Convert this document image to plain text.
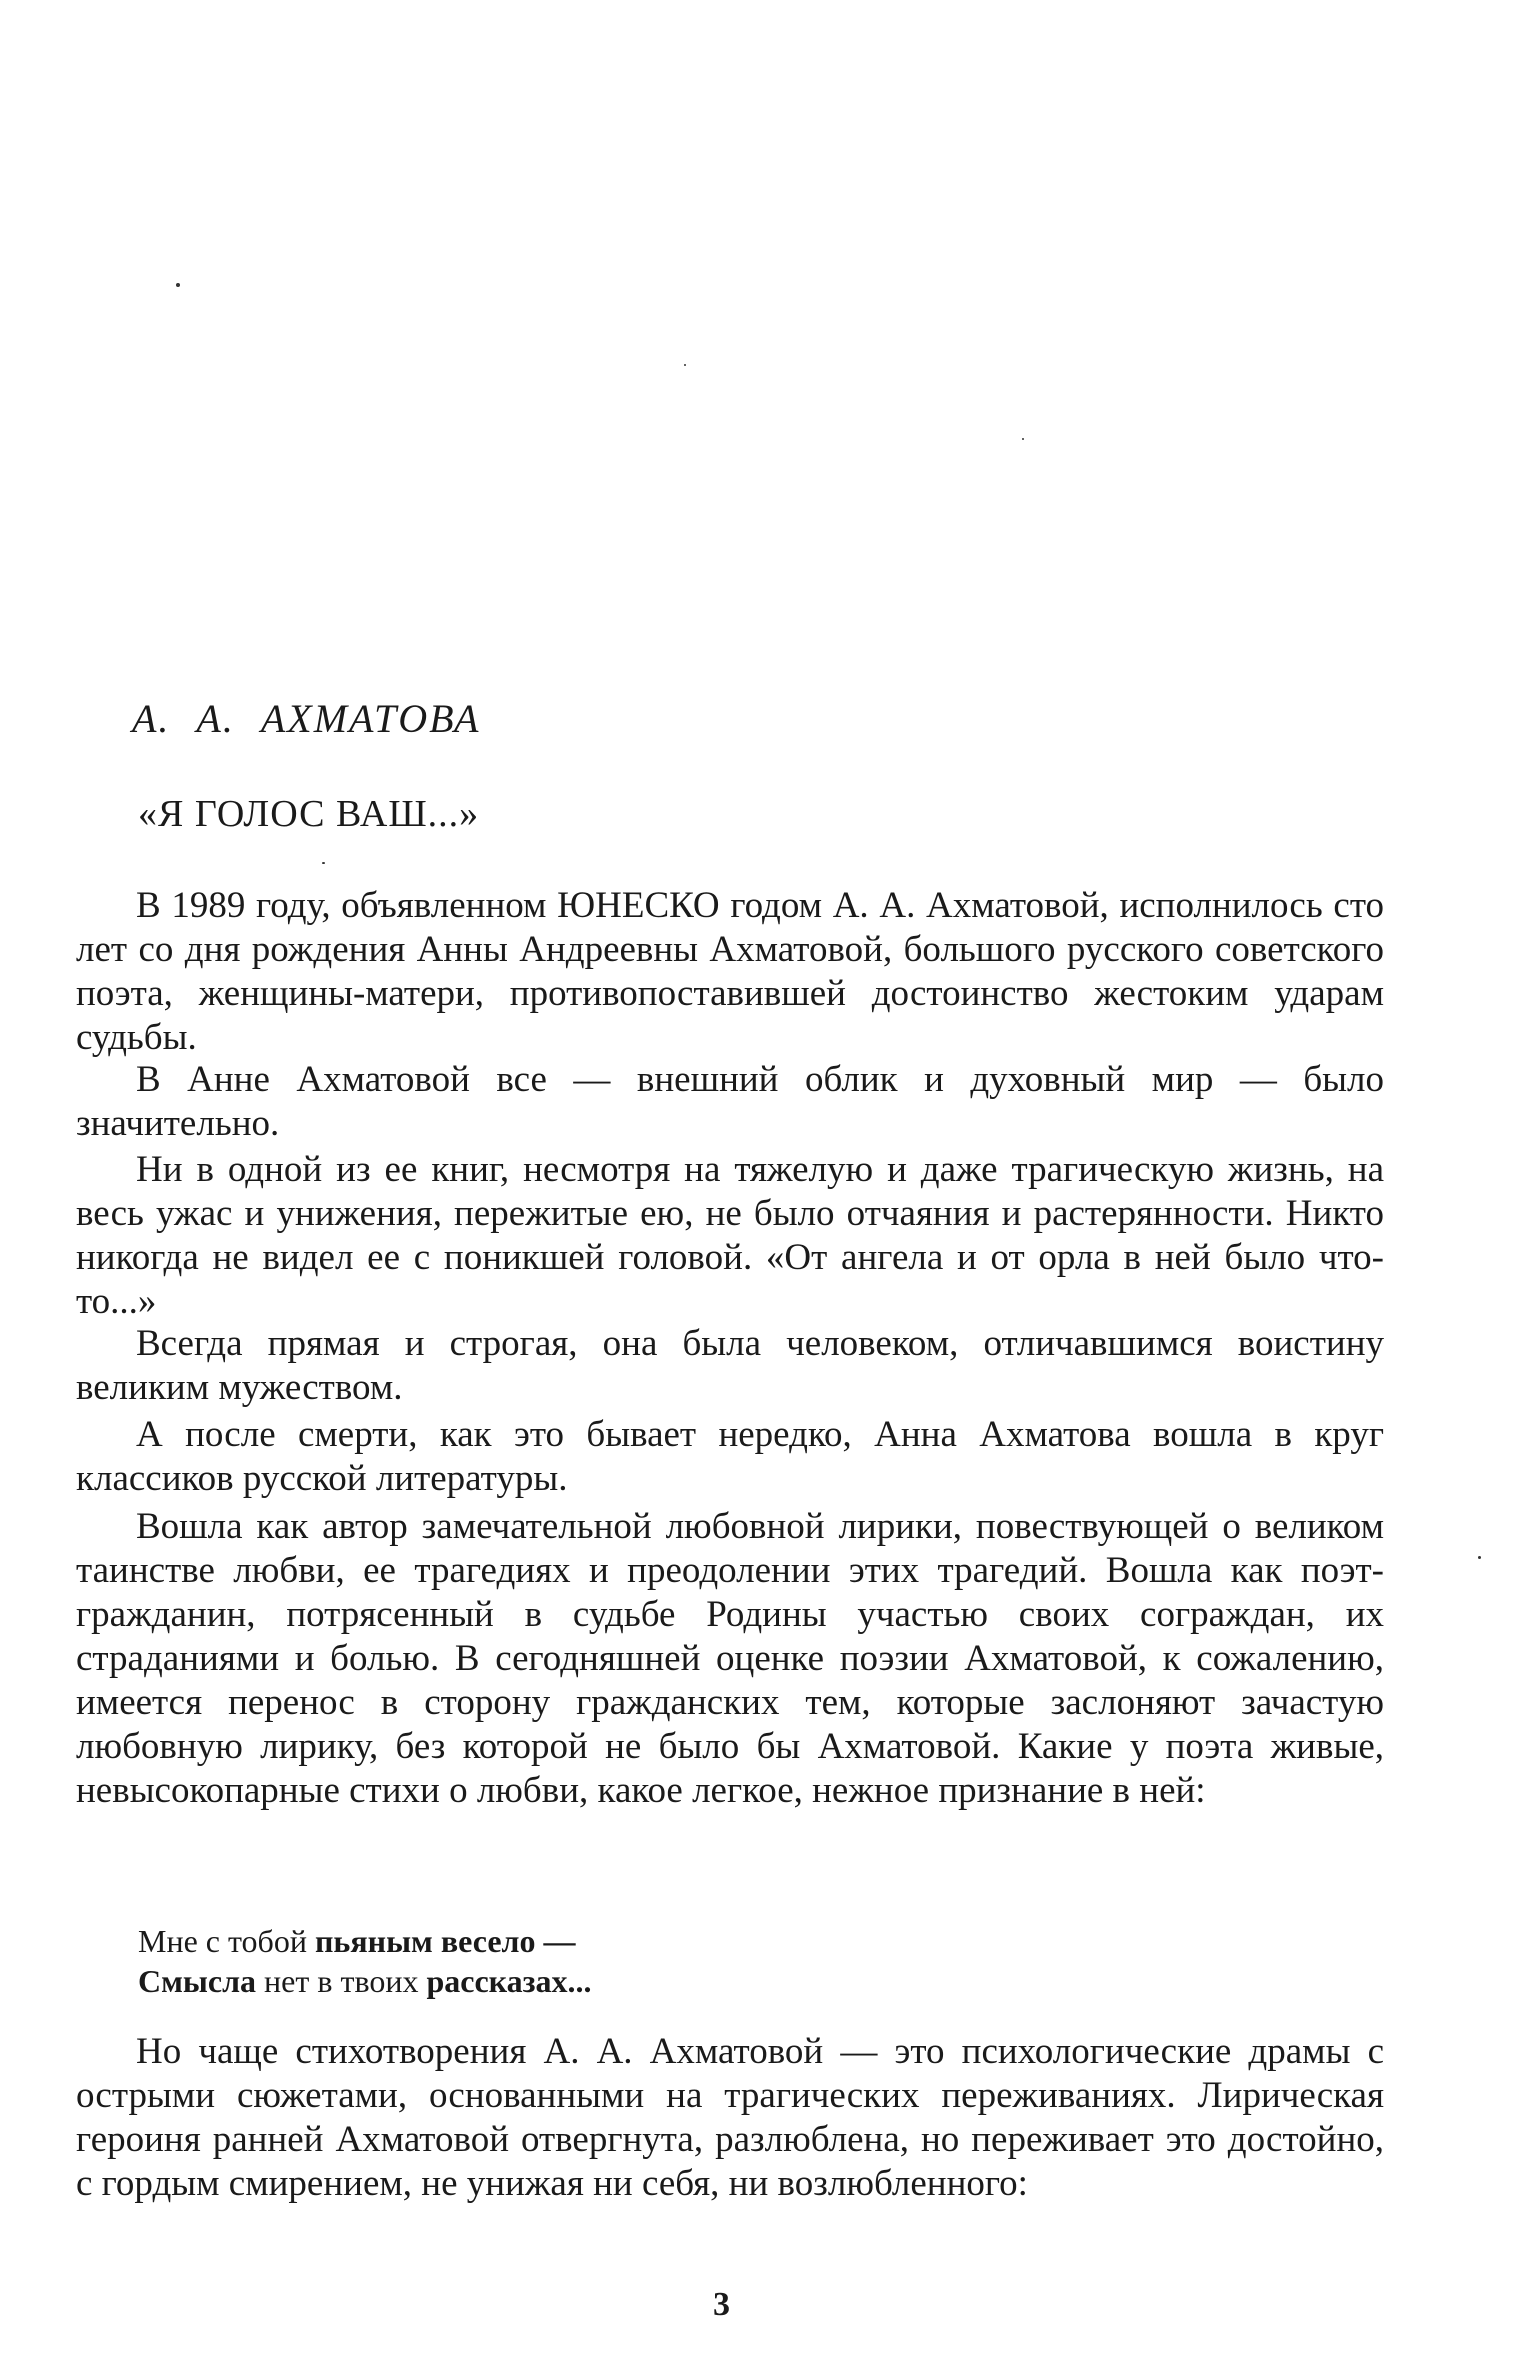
А. А. АХМАТОВА
«Я ГОЛОС ВАШ...»

В 1989 году, объявленном ЮНЕСКО годом А. А. Ахматовой, исполнилось сто лет со дня рождения Анны Андреевны Ахматовой, большого русского советского поэта, женщины-матери, противопоставившей достоинство жестоким ударам судьбы.

В Анне Ахматовой все — внешний облик и духовный мир — было значительно.

Ни в одной из ее книг, несмотря на тяжелую и даже трагическую жизнь, на весь ужас и унижения, пережитые ею, не было отчаяния и растерянности. Никто никогда не видел ее с поникшей головой. «От ангела и от орла в ней было что-то...»

Всегда прямая и строгая, она была человеком, отличавшимся воистину великим мужеством.

А после смерти, как это бывает нередко, Анна Ахматова вошла в круг классиков русской литературы.

Вошла как автор замечательной любовной лирики, повествующей о великом таинстве любви, ее трагедиях и преодолении этих трагедий. Вошла как поэт-гражданин, потрясенный в судьбе Родины участью своих сограждан, их страданиями и болью. В сегодняшней оценке поэзии Ахматовой, к сожалению, имеется перенос в сторону гражданских тем, которые заслоняют зачастую любовную лирику, без которой не было бы Ахматовой. Какие у поэта живые, невысокопарные стихи о любви, какое легкое, нежное признание в ней:

Мне с тобой пьяным весело —
Смысла нет в твоих рассказах...

Но чаще стихотворения А. А. Ахматовой — это психологические драмы с острыми сюжетами, основанными на трагических переживаниях. Лирическая героиня ранней Ахматовой отвергнута, разлюблена, но переживает это достойно, с гордым смирением, не унижая ни себя, ни возлюбленного:

3
